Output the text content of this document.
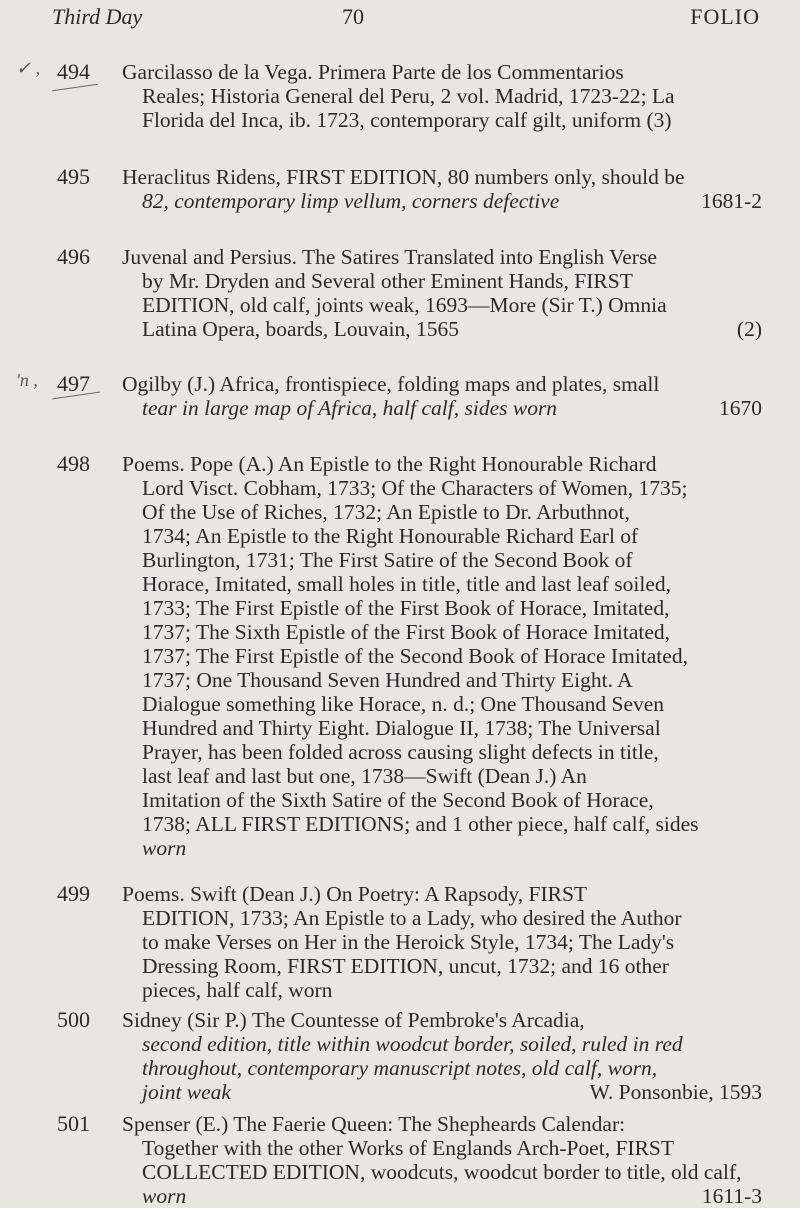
Third Day	70	FOLIO
✓ ,
ʹn ,
494 Garcilasso de la Vega. Primera Parte de los Commentarios

Reales; Historia General del Peru, 2 vol. Madrid, 1723-22; La

Florida del Inca, ib. 1723, contemporary calf gilt, uniform (3)

495 Heraclitus Ridens, FIRST EDITION, 80 numbers only, should be

82, contemporary limp vellum, corners defective	1681-2

496 Juvenal and Persius. The Satires Translated into English Verse

by Mr. Dryden and Several other Eminent Hands, FIRST

EDITION, old calf, joints weak, 1693—More (Sir T.) Omnia

Latina Opera, boards, Louvain, 1565	(2)

497 Ogilby (J.) Africa, frontispiece, folding maps and plates, small

tear in large map of Africa, half calf, sides worn	1670

498 Poems. Pope (A.) An Epistle to the Right Honourable Richard

Lord Visct. Cobham, 1733; Of the Characters of Women, 1735;

Of the Use of Riches, 1732; An Epistle to Dr. Arbuthnot,

1734; An Epistle to the Right Honourable Richard Earl of

Burlington, 1731; The First Satire of the Second Book of

Horace, Imitated, small holes in title, title and last leaf soiled,

1733; The First Epistle of the First Book of Horace, Imitated,

1737; The Sixth Epistle of the First Book of Horace Imitated,

1737; The First Epistle of the Second Book of Horace Imitated,

1737; One Thousand Seven Hundred and Thirty Eight. A

Dialogue something like Horace, n. d.; One Thousand Seven

Hundred and Thirty Eight. Dialogue II, 1738; The Universal

Prayer, has been folded across causing slight defects in title,

last leaf and last but one, 1738—Swift (Dean J.) An

Imitation of the Sixth Satire of the Second Book of Horace,

1738; ALL FIRST EDITIONS; and 1 other piece, half calf, sides

worn

499 Poems. Swift (Dean J.) On Poetry: A Rapsody, FIRST

EDITION, 1733; An Epistle to a Lady, who desired the Author

to make Verses on Her in the Heroick Style, 1734; The Lady's

Dressing Room, FIRST EDITION, uncut, 1732; and 16 other

pieces, half calf, worn

500 Sidney (Sir P.) The Countesse of Pembroke's Arcadia,

second edition, title within woodcut border, soiled, ruled in red

throughout, contemporary manuscript notes, old calf, worn,

joint weak	W. Ponsonbie, 1593

501 Spenser (E.) The Faerie Queen: The Shepheards Calendar:

Together with the other Works of Englands Arch-Poet, FIRST

COLLECTED EDITION, woodcuts, woodcut border to title, old calf,

worn	1611-3
